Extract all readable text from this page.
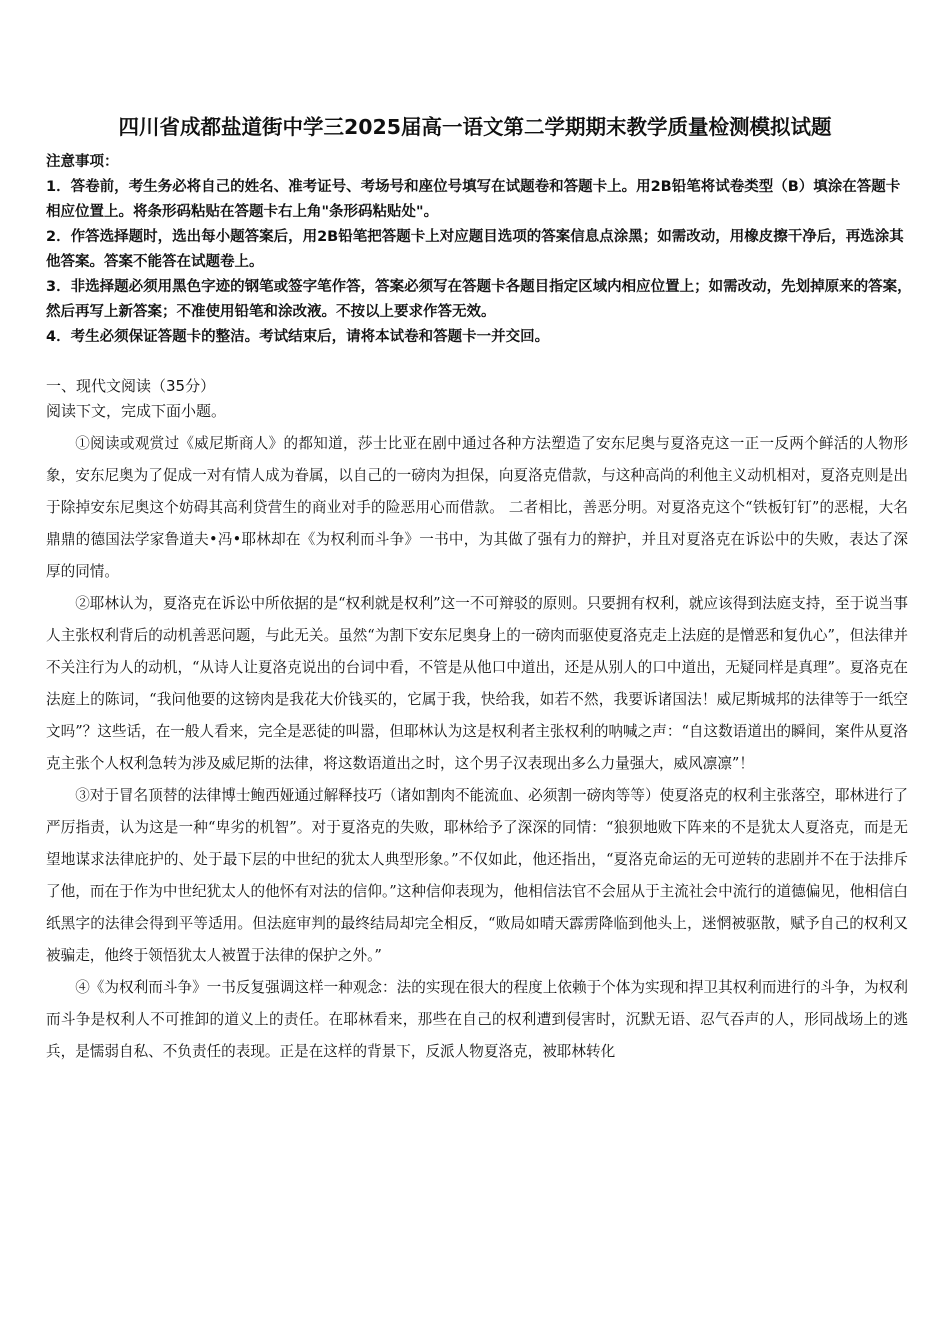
四川省成都盐道街中学三2025届高一语文第二学期期末教学质量检测模拟试题

注意事项：

1．答卷前，考生务必将自己的姓名、准考证号、考场号和座位号填写在试题卷和答题卡上。用2B铅笔将试卷类型（B）填涂在答题卡相应位置上。将条形码粘贴在答题卡右上角"条形码粘贴处"。

2．作答选择题时，选出每小题答案后，用2B铅笔把答题卡上对应题目选项的答案信息点涂黑；如需改动，用橡皮擦干净后，再选涂其他答案。答案不能答在试题卷上。

3．非选择题必须用黑色字迹的钢笔或签字笔作答，答案必须写在答题卡各题目指定区域内相应位置上；如需改动，先划掉原来的答案，然后再写上新答案；不准使用铅笔和涂改液。不按以上要求作答无效。

4．考生必须保证答题卡的整洁。考试结束后，请将本试卷和答题卡一并交回。

一、现代文阅读（35分）
阅读下文，完成下面小题。

①阅读或观赏过《威尼斯商人》的都知道，莎士比亚在剧中通过各种方法塑造了安东尼奥与夏洛克这一正一反两个鲜活的人物形象，安东尼奥为了促成一对有情人成为眷属，以自己的一磅肉为担保，向夏洛克借款，与这种高尚的利他主义动机相对，夏洛克则是出于除掉安东尼奥这个妨碍其高利贷营生的商业对手的险恶用心而借款。 二者相比，善恶分明。对夏洛克这个“铁板钉钉”的恶棍，大名鼎鼎的德国法学家鲁道夫•冯•耶林却在《为权利而斗争》一书中，为其做了强有力的辩护，并且对夏洛克在诉讼中的失败，表达了深厚的同情。

②耶林认为，夏洛克在诉讼中所依据的是“权利就是权利”这一不可辩驳的原则。只要拥有权利，就应该得到法庭支持，至于说当事人主张权利背后的动机善恶问题，与此无关。虽然“为割下安东尼奥身上的一磅肉而驱使夏洛克走上法庭的是憎恶和复仇心”，但法律并不关注行为人的动机，“从诗人让夏洛克说出的台词中看，不管是从他口中道出，还是从别人的口中道出，无疑同样是真理”。夏洛克在法庭上的陈词，“我问他要的这镑肉是我花大价钱买的，它属于我，快给我，如若不然，我要诉诸国法！威尼斯城邦的法律等于一纸空文吗”？这些话，在一般人看来，完全是恶徒的叫嚣，但耶林认为这是权利者主张权利的呐喊之声：“自这数语道出的瞬间，案件从夏洛克主张个人权利急转为涉及威尼斯的法律，将这数语道出之时，这个男子汉表现出多么力量强大，威风凛凛”！

③对于冒名顶替的法律博士鲍西娅通过解释技巧（诸如割肉不能流血、必须割一磅肉等等）使夏洛克的权利主张落空，耶林进行了严厉指责，认为这是一种“卑劣的机智”。对于夏洛克的失败，耶林给予了深深的同情：“狼狈地败下阵来的不是犹太人夏洛克，而是无望地谋求法律庇护的、处于最下层的中世纪的犹太人典型形象。”不仅如此，他还指出，“夏洛克命运的无可逆转的悲剧并不在于法排斥了他，而在于作为中世纪犹太人的他怀有对法的信仰。”这种信仰表现为，他相信法官不会屈从于主流社会中流行的道德偏见，他相信白纸黑字的法律会得到平等适用。但法庭审判的最终结局却完全相反，“败局如晴天霹雳降临到他头上，迷惘被驱散，赋予自己的权利又被骗走，他终于领悟犹太人被置于法律的保护之外。”

④《为权利而斗争》一书反复强调这样一种观念：法的实现在很大的程度上依赖于个体为实现和捍卫其权利而进行的斗争，为权利而斗争是权利人不可推卸的道义上的责任。在耶林看来，那些在自己的权利遭到侵害时，沉默无语、忍气吞声的人，形同战场上的逃兵，是懦弱自私、不负责任的表现。正是在这样的背景下，反派人物夏洛克，被耶林转化
